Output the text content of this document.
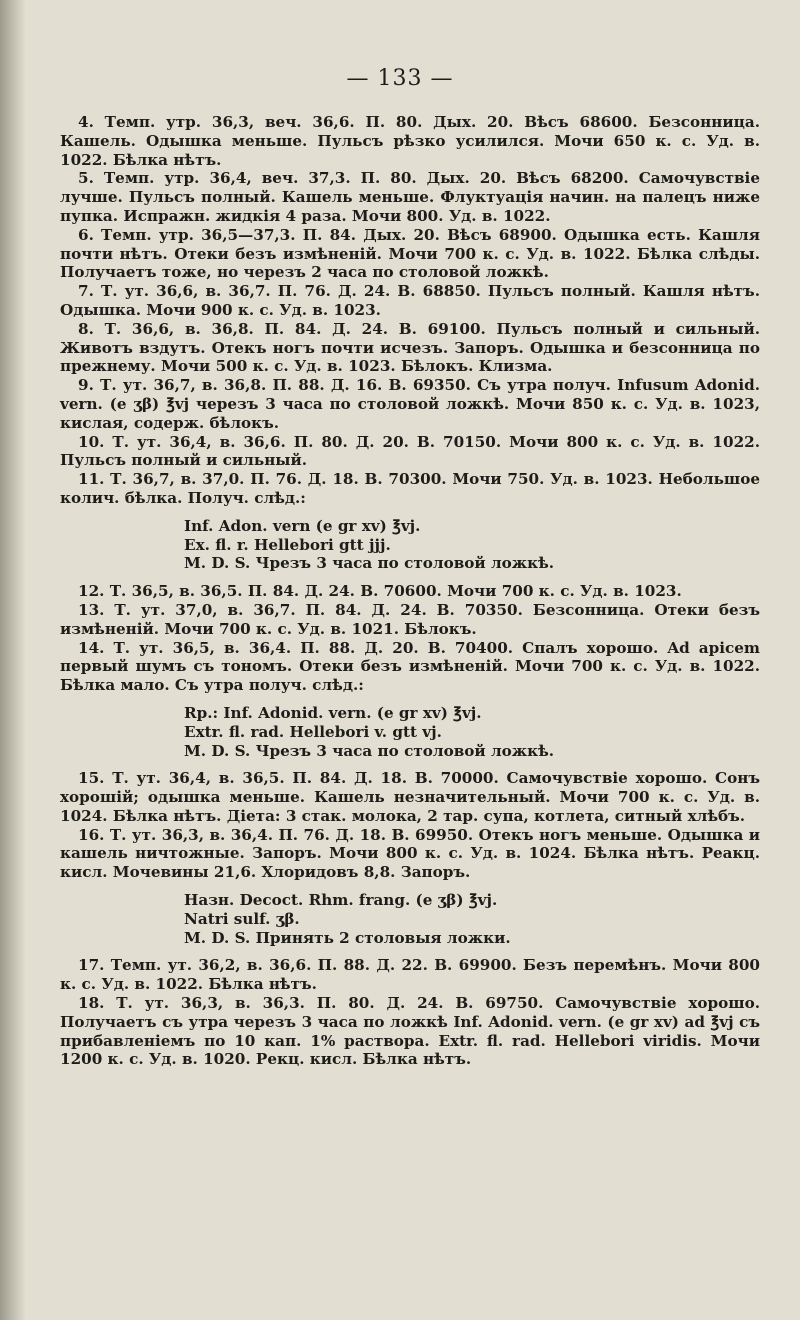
— 133 —

4. Темп. утр. 36,3, веч. 36,6. П. 80. Дых. 20. Вѣсъ 68600. Безсонница. Кашель. Одышка меньше. Пульсъ рѣзко усилился. Мочи 650 к. с. Уд. в. 1022. Бѣлка нѣтъ.

5. Темп. утр. 36,4, веч. 37,3. П. 80. Дых. 20. Вѣсъ 68200. Самочувствіе лучше. Пульсъ полный. Кашель меньше. Флуктуація начин. на палецъ ниже пупка. Испражн. жидкія 4 раза. Мочи 800. Уд. в. 1022.

6. Темп. утр. 36,5—37,3. П. 84. Дых. 20. Вѣсъ 68900. Одышка есть. Кашля почти нѣтъ. Отеки безъ измѣненій. Мочи 700 к. с. Уд. в. 1022. Бѣлка слѣды. Получаетъ тоже, но черезъ 2 часа по столовой ложкѣ.

7. Т. ут. 36,6, в. 36,7. П. 76. Д. 24. В. 68850. Пульсъ полный. Кашля нѣтъ. Одышка. Мочи 900 к. с. Уд. в. 1023.

8. Т. 36,6, в. 36,8. П. 84. Д. 24. В. 69100. Пульсъ полный и сильный. Животъ вздутъ. Отекъ ногъ почти исчезъ. Запоръ. Одышка и безсонница по прежнему. Мочи 500 к. с. Уд. в. 1023. Бѣлокъ. Клизма.

9. Т. ут. 36,7, в. 36,8. П. 88. Д. 16. В. 69350. Съ утра получ. Infusum Adonid. vern. (e ʒβ) ℥vj черезъ 3 часа по столовой ложкѣ. Мочи 850 к. с. Уд. в. 1023, кислая, содерж. бѣлокъ.

10. Т. ут. 36,4, в. 36,6. П. 80. Д. 20. В. 70150. Мочи 800 к. с. Уд. в. 1022. Пульсъ полный и сильный.

11. Т. 36,7, в. 37,0. П. 76. Д. 18. В. 70300. Мочи 750. Уд. в. 1023. Небольшое колич. бѣлка. Получ. слѣд.:

Inf. Adon. vern (e gr xv) ℥vj.

Ex. fl. r. Hellebori gtt jjj.

M. D. S. Чрезъ 3 часа по столовой ложкѣ.

12. Т. 36,5, в. 36,5. П. 84. Д. 24. В. 70600. Мочи 700 к. с. Уд. в. 1023.

13. Т. ут. 37,0, в. 36,7. П. 84. Д. 24. В. 70350. Безсонница. Отеки безъ измѣненій. Мочи 700 к. с. Уд. в. 1021. Бѣлокъ.

14. Т. ут. 36,5, в. 36,4. П. 88. Д. 20. В. 70400. Спалъ хорошо. Ad apicem первый шумъ съ тономъ. Отеки безъ измѣненій. Мочи 700 к. с. Уд. в. 1022. Бѣлка мало. Съ утра получ. слѣд.:

Rp.: Inf. Adonid. vern. (e gr xv) ℥vj.

Extr. fl. rad. Hellebori v. gtt vj.

M. D. S. Чрезъ 3 часа по столовой ложкѣ.

15. Т. ут. 36,4, в. 36,5. П. 84. Д. 18. В. 70000. Самочувствіе хорошо. Сонъ хорошій; одышка меньше. Кашель незначительный. Мочи 700 к. с. Уд. в. 1024. Бѣлка нѣтъ. Діета: 3 стак. молока, 2 тар. супа, котлета, ситный хлѣбъ.

16. Т. ут. 36,3, в. 36,4. П. 76. Д. 18. В. 69950. Отекъ ногъ меньше. Одышка и кашель ничтожные. Запоръ. Мочи 800 к. с. Уд. в. 1024. Бѣлка нѣтъ. Реакц. кисл. Мочевины 21,6. Хлоридовъ 8,8. Запоръ.

Назн. Decoct. Rhm. frang. (e ʒβ) ℥vj.

Natri sulf. ʒβ.

M. D. S. Принять 2 столовыя ложки.

17. Темп. ут. 36,2, в. 36,6. П. 88. Д. 22. В. 69900. Безъ перемѣнъ. Мочи 800 к. с. Уд. в. 1022. Бѣлка нѣтъ.

18. Т. ут. 36,3, в. 36,3. П. 80. Д. 24. В. 69750. Самочувствіе хорошо. Получаетъ съ утра черезъ 3 часа по ложкѣ Inf. Adonid. vern. (e gr xv) ad ℥vj съ прибавленіемъ по 10 кап. 1% раствора. Extr. fl. rad. Hellebori viridis. Мочи 1200 к. с. Уд. в. 1020. Рекц. кисл. Бѣлка нѣтъ.
